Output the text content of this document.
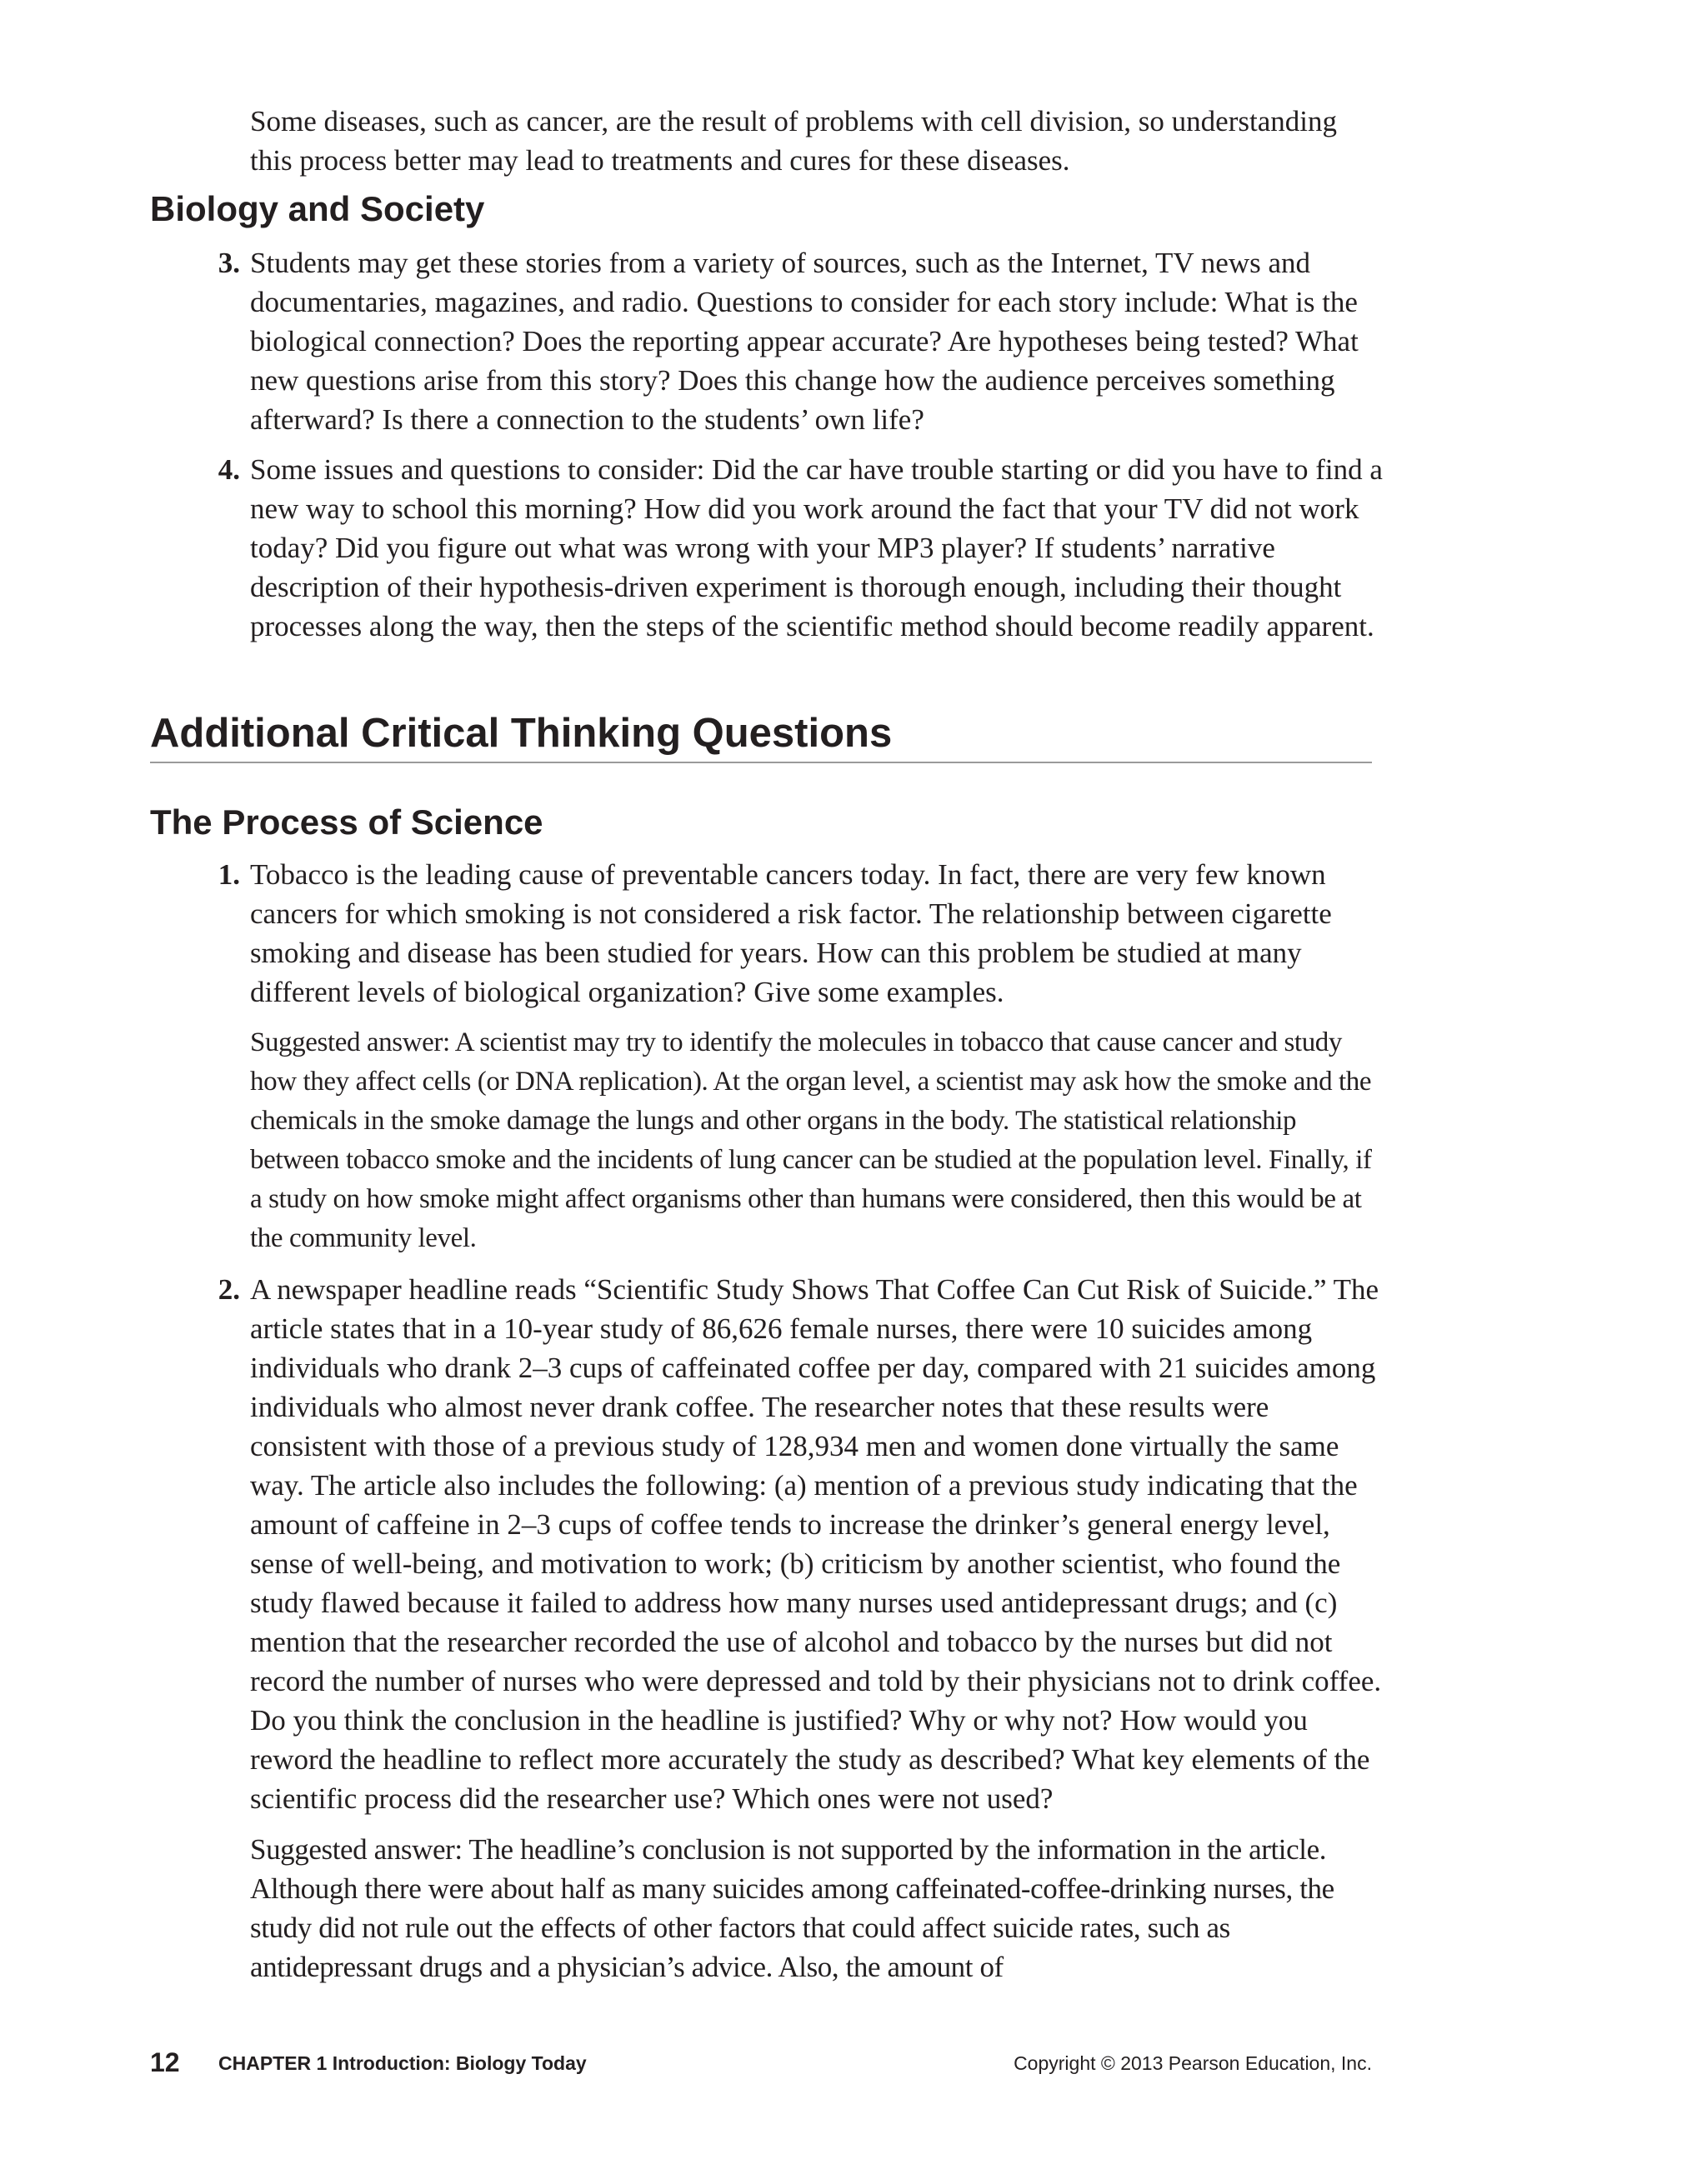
Some diseases, such as cancer, are the result of problems with cell division, so understanding this process better may lead to treatments and cures for these diseases.

Biology and Society
3. Students may get these stories from a variety of sources, such as the Internet, TV news and documentaries, magazines, and radio. Questions to consider for each story include: What is the biological connection? Does the reporting appear accurate? Are hypotheses being tested? What new questions arise from this story? Does this change how the audience perceives something afterward? Is there a connection to the students’ own life?

4. Some issues and questions to consider: Did the car have trouble starting or did you have to find a new way to school this morning? How did you work around the fact that your TV did not work today? Did you figure out what was wrong with your MP3 player? If students’ narrative description of their hypothesis-driven experiment is thorough enough, including their thought processes along the way, then the steps of the scientific method should become readily apparent.

Additional Critical Thinking Questions
The Process of Science
1. Tobacco is the leading cause of preventable cancers today. In fact, there are very few known cancers for which smoking is not considered a risk factor. The relationship between cigarette smoking and disease has been studied for years. How can this problem be studied at many different levels of biological organization? Give some examples.

Suggested answer: A scientist may try to identify the molecules in tobacco that cause cancer and study how they affect cells (or DNA replication). At the organ level, a scientist may ask how the smoke and the chemicals in the smoke damage the lungs and other organs in the body. The statistical relationship between tobacco smoke and the incidents of lung cancer can be studied at the population level. Finally, if a study on how smoke might affect organisms other than humans were considered, then this would be at the community level.

2. A newspaper headline reads “Scientific Study Shows That Coffee Can Cut Risk of Suicide.” The article states that in a 10-year study of 86,626 female nurses, there were 10 suicides among individuals who drank 2–3 cups of caffeinated coffee per day, compared with 21 suicides among individuals who almost never drank coffee. The researcher notes that these results were consistent with those of a previous study of 128,934 men and women done virtually the same way. The article also includes the following: (a) mention of a previous study indicating that the amount of caffeine in 2–3 cups of coffee tends to increase the drinker’s general energy level, sense of well-being, and motivation to work; (b) criticism by another scientist, who found the study flawed because it failed to address how many nurses used antidepressant drugs; and (c) mention that the researcher recorded the use of alcohol and tobacco by the nurses but did not record the number of nurses who were depressed and told by their physicians not to drink coffee. Do you think the conclusion in the headline is justified? Why or why not? How would you reword the headline to reflect more accurately the study as described? What key elements of the scientific process did the researcher use? Which ones were not used?

Suggested answer: The headline’s conclusion is not supported by the information in the article. Although there were about half as many suicides among caffeinated-coffee-drinking nurses, the study did not rule out the effects of other factors that could affect suicide rates, such as antidepressant drugs and a physician’s advice. Also, the amount of

12 CHAPTER 1 Introduction: Biology Today	Copyright © 2013 Pearson Education, Inc.
